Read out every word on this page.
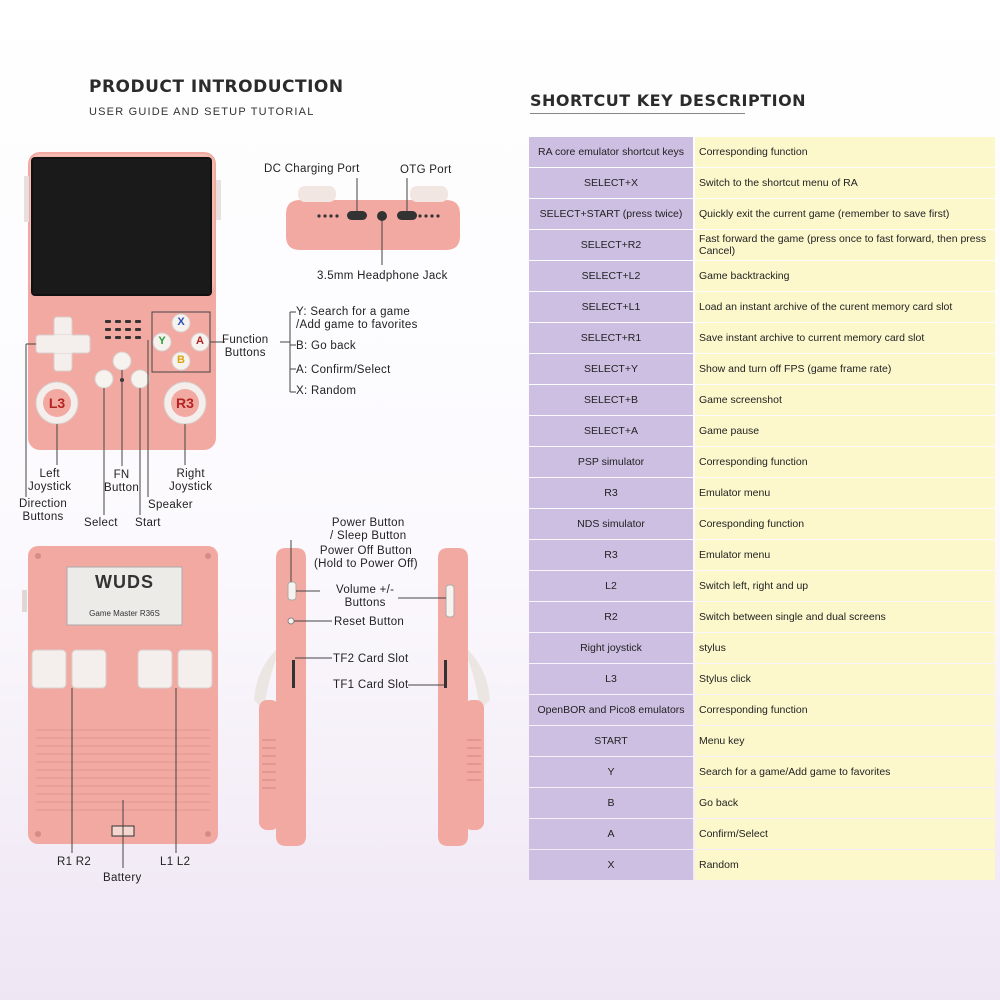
PRODUCT INTRODUCTION
USER GUIDE AND SETUP TUTORIAL
SHORTCUT KEY DESCRIPTION
X
Y	A
B
L3	R3
WUDS
Game Master R36S
DC Charging Port	OTG Port
3.5mm Headphone Jack
Function
Buttons
Y: Search for a game
/Add game to favorites
B: Go back
A: Confirm/Select
X: Random
Left
Joystick
FN
Button
Right
Joystick
Speaker
Direction
Buttons	Select Start	Power Button
/ Sleep Button
Power Off Button
(Hold to Power Off)
Volume +/-
Buttons
Reset Button
TF2 Card Slot
TF1 Card Slot
R1 R2	L1 L2
Battery
RA core emulator shortcut keys	Corresponding function
SELECT+X	Switch to the shortcut menu of RA
SELECT+START (press twice)	Quickly exit the current game (remember to save first)
SELECT+R2	Fast forward the game (press once to fast forward, then press Cancel)
SELECT+L2	Game backtracking
SELECT+L1	Load an instant archive of the curent memory card slot
SELECT+R1	Save instant archive to current memory card slot
SELECT+Y	Show and turn off FPS (game frame rate)
SELECT+B	Game screenshot
SELECT+A	Game pause
PSP simulator	Corresponding function
R3	Emulator menu
NDS simulator	Coresponding function
R3	Emulator menu
L2	Switch left, right and up
R2	Switch between single and dual screens
Right joystick	stylus
L3	Stylus click
OpenBOR and Pico8 emulators	Corresponding function
START	Menu key
Y	Search for a game/Add game to favorites
B	Go back
A	Confirm/Select
X	Random
